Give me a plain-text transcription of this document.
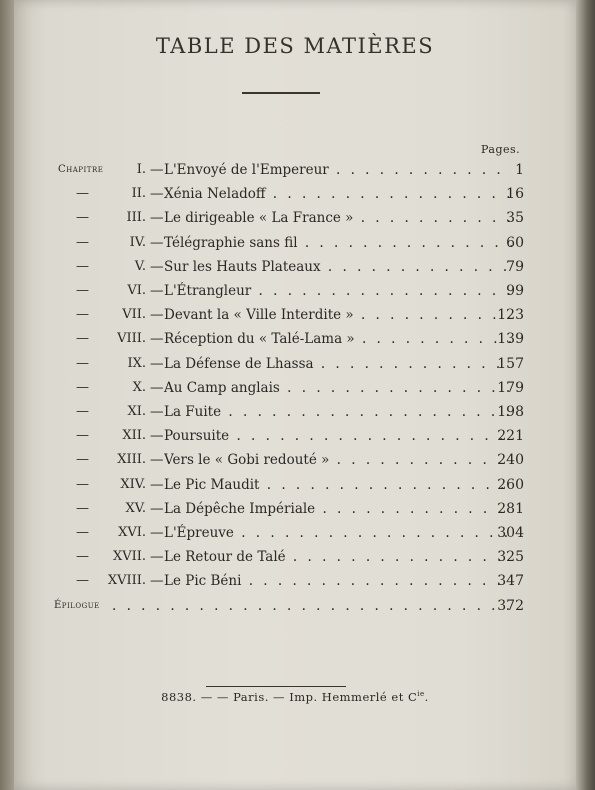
TABLE DES MATIÈRES
Pages.
Chapitre	I. — L'Envoyé de l'Empereur . . .	1
—	II. — Xénia Neladoff . . .	16
—	III. — Le dirigeable « La France » . . .	35
—	IV. — Télégraphie sans fil . . .	60
—	V. — Sur les Hauts Plateaux . . .	79
—	VI. — L'Étrangleur . . .	99
—	VII. — Devant la « Ville Interdite » . . .	123
—	VIII. — Réception du « Talé-Lama » . . .	139
—	IX. — La Défense de Lhassa . . .	157
—	X. — Au Camp anglais . . .	179
—	XI. — La Fuite . . .	198
—	XII. — Poursuite . . .	221
—	XIII. — Vers le « Gobi redouté » . . .	240
—	XIV. — Le Pic Maudit . . .	260
—	XV. — La Dépêche Impériale . . .	281
—	XVI. — L'Épreuve . . .	304
—	XVII. — Le Retour de Talé . . .	325
—	XVIII. — Le Pic Béni . . .	347
Épilogue . . .	372
8838. — — Paris. — Imp. Hemmerlé et $C^{ie}$.
